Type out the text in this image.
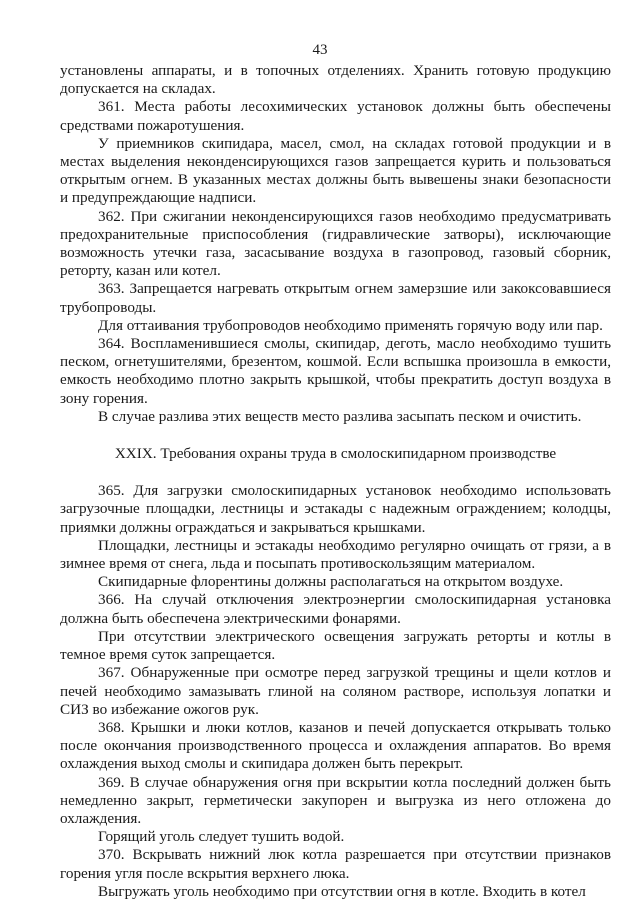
43

установлены аппараты, и в топочных отделениях. Хранить готовую продукцию допускается на складах.

361. Места работы лесохимических установок должны быть обеспечены средствами пожаротушения.

У приемников скипидара, масел, смол, на складах готовой продукции и в местах выделения неконденсирующихся газов запрещается курить и пользоваться открытым огнем. В указанных местах должны быть вывешены знаки безопасности и предупреждающие надписи.

362. При сжигании неконденсирующихся газов необходимо предусматривать предохранительные приспособления (гидравлические затворы), исключающие возможность утечки газа, засасывание воздуха в газопровод, газовый сборник, реторту, казан или котел.

363. Запрещается нагревать открытым огнем замерзшие или закоксовавшиеся трубопроводы.

Для оттаивания трубопроводов необходимо применять горячую воду или пар.

364. Воспламенившиеся смолы, скипидар, деготь, масло необходимо тушить песком, огнетушителями, брезентом, кошмой. Если вспышка произошла в емкости, емкость необходимо плотно закрыть крышкой, чтобы прекратить доступ воздуха в зону горения.

В случае разлива этих веществ место разлива засыпать песком и очистить.

XXIX. Требования охраны труда в смолоскипидарном производстве

365. Для загрузки смолоскипидарных установок необходимо использовать загрузочные площадки, лестницы и эстакады с надежным ограждением; колодцы, приямки должны ограждаться и закрываться крышками.

Площадки, лестницы и эстакады необходимо регулярно очищать от грязи, а в зимнее время от снега, льда и посыпать противоскользящим материалом.

Скипидарные флорентины должны располагаться на открытом воздухе.

366. На случай отключения электроэнергии смолоскипидарная установка должна быть обеспечена электрическими фонарями.

При отсутствии электрического освещения загружать реторты и котлы в темное время суток запрещается.

367. Обнаруженные при осмотре перед загрузкой трещины и щели котлов и печей необходимо замазывать глиной на соляном растворе, используя лопатки и СИЗ во избежание ожогов рук.

368. Крышки и люки котлов, казанов и печей допускается открывать только после окончания производственного процесса и охлаждения аппаратов. Во время охлаждения выход смолы и скипидара должен быть перекрыт.

369. В случае обнаружения огня при вскрытии котла последний должен быть немедленно закрыт, герметически закупорен и выгрузка из него отложена до охлаждения.

Горящий уголь следует тушить водой.

370. Вскрывать нижний люк котла разрешается при отсутствии признаков горения угля после вскрытия верхнего люка.

Выгружать уголь необходимо при отсутствии огня в котле. Входить в котел
